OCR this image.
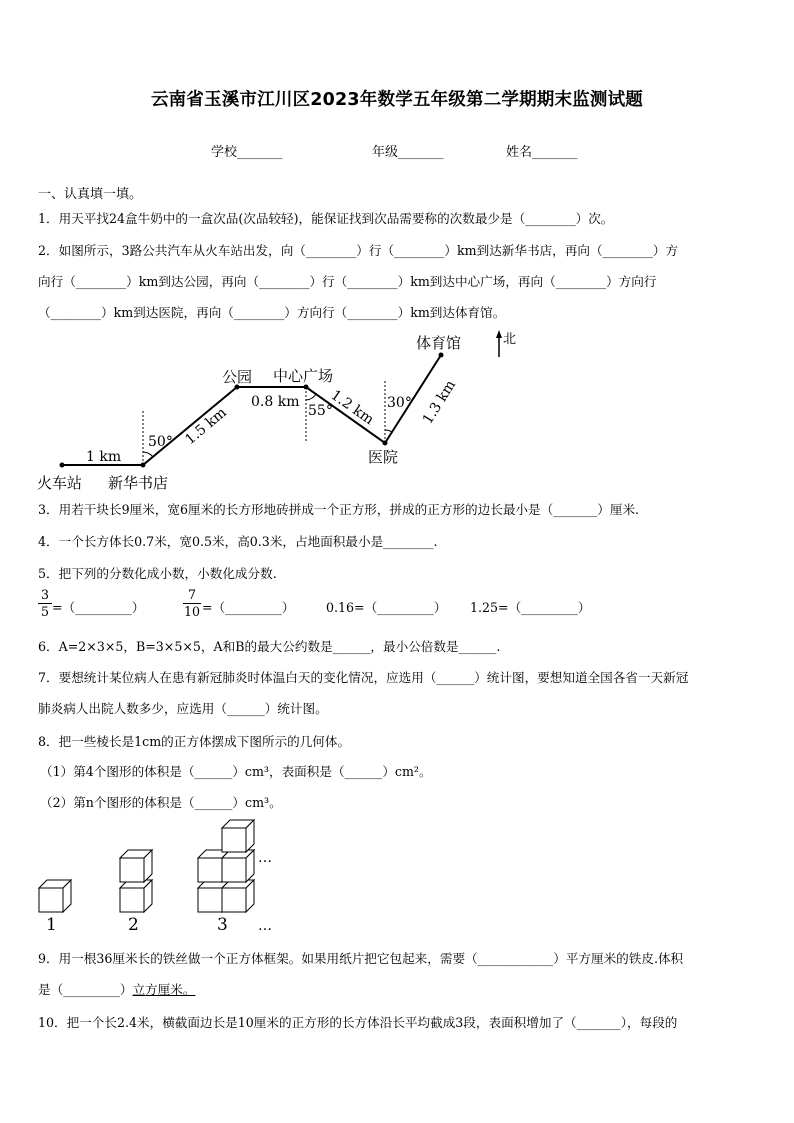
云南省玉溪市江川区2023年数学五年级第二学期期末监测试题
学校_______	年级_______	姓名_______
一、认真填一填。
1．用天平找24盒牛奶中的一盒次品(次品较轻)，能保证找到次品需要称的次数最少是（________）次。
2．如图所示，3路公共汽车从火车站出发，向（________）行（________）km到达新华书店，再向（________）方
向行（________）km到达公园，再向（________）行（________）km到达中心广场，再向（________）方向行
（________）km到达医院，再向（________）方向行（________）km到达体育馆。
北
火车站 新华书店
公园 中心广场
医院
体育馆
1 km
1.5 km
0.8 km 1.2 km	1.3 km
50°
55°	30°
3．用若干块长9厘米，宽6厘米的长方形地砖拼成一个正方形，拼成的正方形的边长最小是（_______）厘米.
4．一个长方体长0.7米，宽0.5米，高0.3米，占地面积最小是________.
5．把下列的分数化成小数，小数化成分数.
$\frac{3}{5}$ =（_________）	$\frac{7}{10}$ =（_________）	0.16=（_________） 1.25=（_________）
6．A=2×3×5，B=3×5×5，A和B的最大公约数是______，最小公倍数是______.
7．要想统计某位病人在患有新冠肺炎时体温白天的变化情况，应选用（______）统计图，要想知道全国各省一天新冠
肺炎病人出院人数多少，应选用（______）统计图。
8．把一些棱长是1cm的正方体摆成下图所示的几何体。
（1）第4个图形的体积是（______）cm³，表面积是（______）cm²。
（2）第n个图形的体积是（______）cm³。
1	2	3
…
…
9．用一根36厘米长的铁丝做一个正方体框架。如果用纸片把它包起来，需要（____________）平方厘米的铁皮.体积
是（_________）立方厘米。
10．把一个长2.4米，横截面边长是10厘米的正方形的长方体沿长平均截成3段，表面积增加了（_______），每段的
